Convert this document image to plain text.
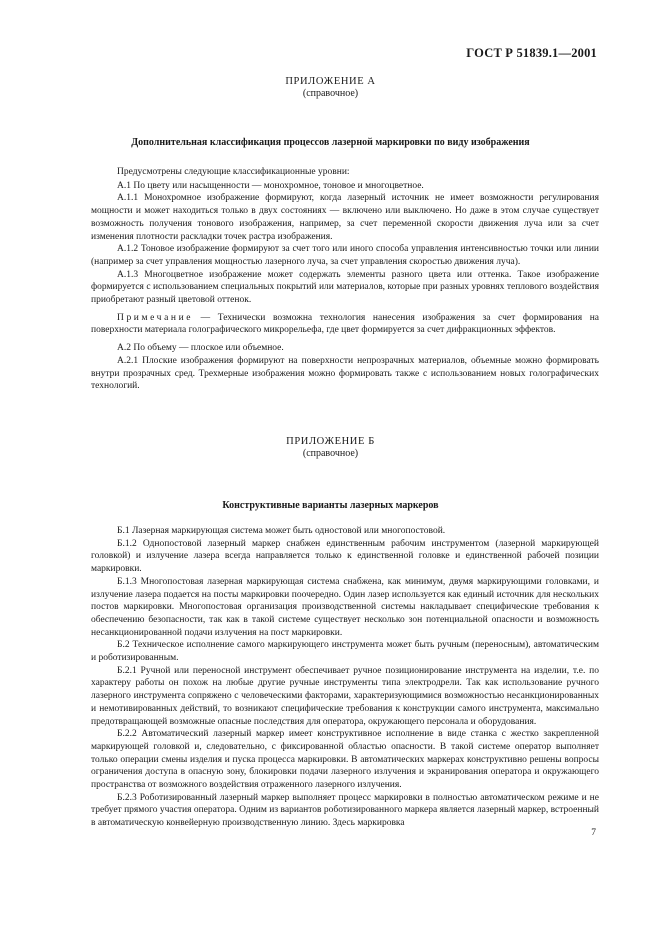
ГОСТ Р 51839.1—2001
ПРИЛОЖЕНИЕ А
(справочное)
Дополнительная классификация процессов лазерной маркировки по виду изображения

Предусмотрены следующие классификационные уровни:

А.1 По цвету или насыщенности — монохромное, тоновое и многоцветное.

А.1.1 Монохромное изображение формируют, когда лазерный источник не имеет возможности регулирования мощности и может находиться только в двух состояниях — включено или выключено. Но даже в этом случае существует возможность получения тонового изображения, например, за счет переменной скорости движения луча или за счет изменения плотности раскладки точек растра изображения.

А.1.2 Тоновое изображение формируют за счет того или иного способа управления интенсивностью точки или линии (например за счет управления мощностью лазерного луча, за счет управления скоростью движения луча).

А.1.3 Многоцветное изображение может содержать элементы разного цвета или оттенка. Такое изображение формируется с использованием специальных покрытий или материалов, которые при разных уровнях теплового воздействия приобретают разный цветовой оттенок.

Примечание — Технически возможна технология нанесения изображения за счет формирования на поверхности материала голографического микрорельефа, где цвет формируется за счет дифракционных эффектов.

А.2 По объему — плоское или объемное.

А.2.1 Плоские изображения формируют на поверхности непрозрачных материалов, объемные можно формировать внутри прозрачных сред. Трехмерные изображения можно формировать также с использованием новых голографических технологий.

ПРИЛОЖЕНИЕ Б
(справочное)
Конструктивные варианты лазерных маркеров

Б.1 Лазерная маркирующая система может быть одностовой или многопостовой.

Б.1.2 Однопостовой лазерный маркер снабжен единственным рабочим инструментом (лазерной маркирующей головкой) и излучение лазера всегда направляется только к единственной головке и единственной рабочей позиции маркировки.

Б.1.3 Многопостовая лазерная маркирующая система снабжена, как минимум, двумя маркирующими головками, и излучение лазера подается на посты маркировки поочередно. Один лазер используется как единый источник для нескольких постов маркировки. Многопостовая организация производственной системы накладывает специфические требования к обеспечению безопасности, так как в такой системе существует несколько зон потенциальной опасности и возможность несанкционированной подачи излучения на пост маркировки.

Б.2 Техническое исполнение самого маркирующего инструмента может быть ручным (переносным), автоматическим и роботизированным.

Б.2.1 Ручной или переносной инструмент обеспечивает ручное позиционирование инструмента на изделии, т.е. по характеру работы он похож на любые другие ручные инструменты типа электродрели. Так как использование ручного лазерного инструмента сопряжено с человеческими факторами, характеризующимися возможностью несанкционированных и немотивированных действий, то возникают специфические требования к конструкции самого инструмента, максимально предотвращающей возможные опасные последствия для оператора, окружающего персонала и оборудования.

Б.2.2 Автоматический лазерный маркер имеет конструктивное исполнение в виде станка с жестко закрепленной маркирующей головкой и, следовательно, с фиксированной областью опасности. В такой системе оператор выполняет только операции смены изделия и пуска процесса маркировки. В автоматических маркерах конструктивно решены вопросы ограничения доступа в опасную зону, блокировки подачи лазерного излучения и экранирования оператора и окружающего пространства от возможного воздействия отраженного лазерного излучения.

Б.2.3 Роботизированный лазерный маркер выполняет процесс маркировки в полностью автоматическом режиме и не требует прямого участия оператора. Одним из вариантов роботизированного маркера является лазерный маркер, встроенный в автоматическую конвейерную производственную линию. Здесь маркировка

7
